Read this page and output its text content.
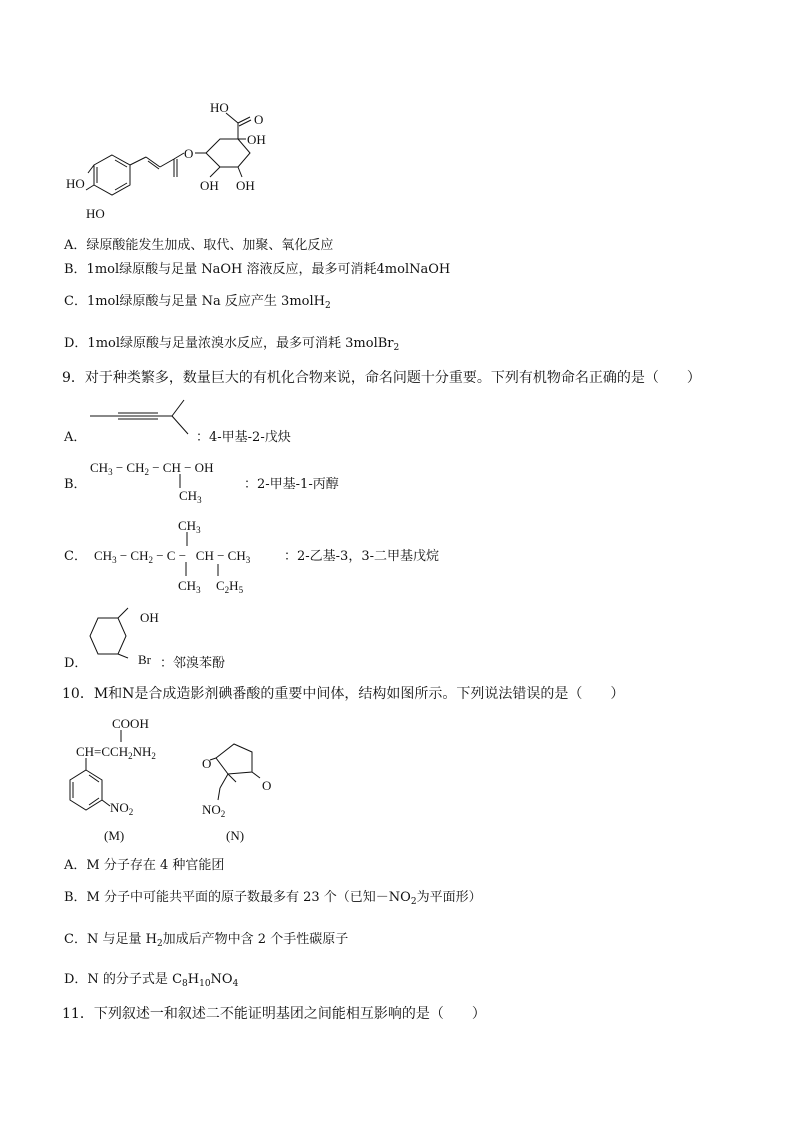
HO
O
OH
O
OH OH
HO
HO
A．绿原酸能发生加成、取代、加聚、氧化反应
B．1mol绿原酸与足量 NaOH 溶液反应，最多可消耗4molNaOH
C．1mol绿原酸与足量 Na 反应产生 3molH$_2$
D．1mol绿原酸与足量浓溴水反应，最多可消耗 3molBr$_2$
9．对于种类繁多，数量巨大的有机化合物来说，命名问题十分重要。下列有机物命名正确的是（　　）
A．	：4-甲基-2-戊炔
B．
$CH_3 - CH_2$ − CH − OH
$CH_3$
：2-甲基-1-丙醇
$CH_3$
C． $CH_3 - CH_2 - C$ −   CH − $CH_3$
$CH_3$ $C_2H_5$
：2-乙基-3，3-二甲基戊烷
OH
Br
D．	：邻溴苯酚
10．M和N是合成造影剂碘番酸的重要中间体，结构如图所示。下列说法错误的是（　　）
COOH
$CH=CCH_2NH_2$
$NO_2$
(M)
O
O
$NO_2$
(N)
A．M 分子存在 4 种官能团
B．M 分子中可能共平面的原子数最多有 23 个（已知$-NO_2$为平面形）
C．N 与足量 $H_2$加成后产物中含 2 个手性碳原子
D．N 的分子式是 $C_8H_{10}NO_4$
11．下列叙述一和叙述二不能证明基团之间能相互影响的是（　　）
